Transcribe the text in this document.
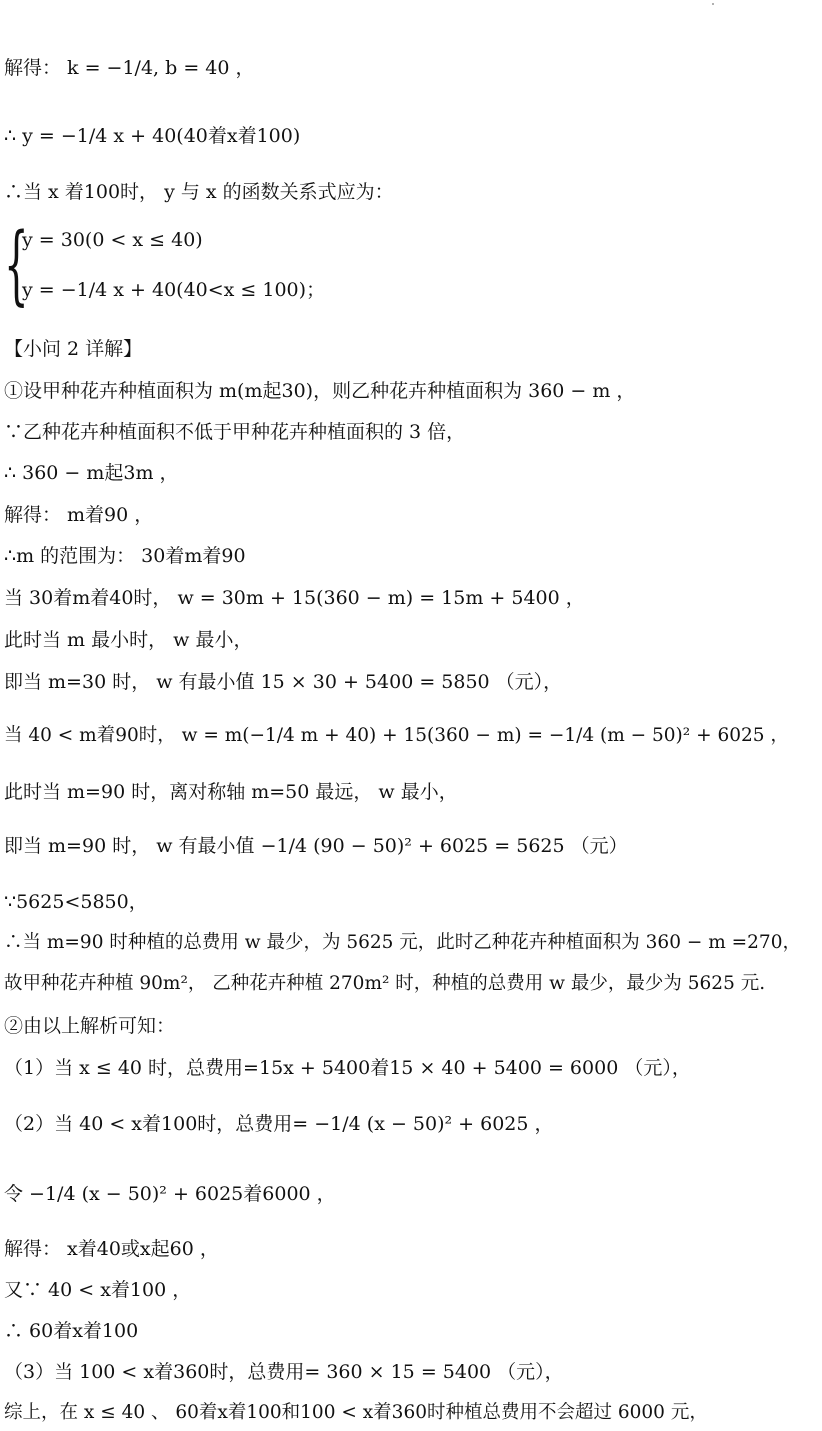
解得： k = −1/4, b = 40 ，
∴ y = −1/4 x + 40(40着x着100)
∴当 x 着100时， y 与 x 的函数关系式应为：
{
y = 30(0 < x ≤ 40)
y = −1/4 x + 40(40<x ≤ 100)；
【小问 2 详解】
①设甲种花卉种植面积为 m(m起30)，则乙种花卉种植面积为 360 − m ，
∵乙种花卉种植面积不低于甲种花卉种植面积的 3 倍，
∴ 360 − m起3m ，
解得： m着90 ，
∴m 的范围为： 30着m着90
当 30着m着40时， w = 30m + 15(360 − m) = 15m + 5400 ，
此时当 m 最小时， w 最小，
即当 m=30 时， w 有最小值 15 × 30 + 5400 = 5850 （元），
当 40 < m着90时， w = m(−1/4 m + 40) + 15(360 − m) = −1/4 (m − 50)² + 6025 ，
此时当 m=90 时，离对称轴 m=50 最远， w 最小，
即当 m=90 时， w 有最小值 −1/4 (90 − 50)² + 6025 = 5625 （元）
∵5625<5850，
∴当 m=90 时种植的总费用 w 最少，为 5625 元，此时乙种花卉种植面积为 360 − m =270，
故甲种花卉种植 90m²， 乙种花卉种植 270m² 时，种植的总费用 w 最少，最少为 5625 元.
②由以上解析可知：
（1）当 x ≤ 40 时，总费用=15x + 5400着15 × 40 + 5400 = 6000 （元），
（2）当 40 < x着100时，总费用= −1/4 (x − 50)² + 6025 ，
令 −1/4 (x − 50)² + 6025着6000 ，
解得： x着40或x起60 ，
又∵ 40 < x着100 ，
∴ 60着x着100
（3）当 100 < x着360时，总费用= 360 × 15 = 5400 （元），
综上，在 x ≤ 40 、 60着x着100和100 < x着360时种植总费用不会超过 6000 元，
